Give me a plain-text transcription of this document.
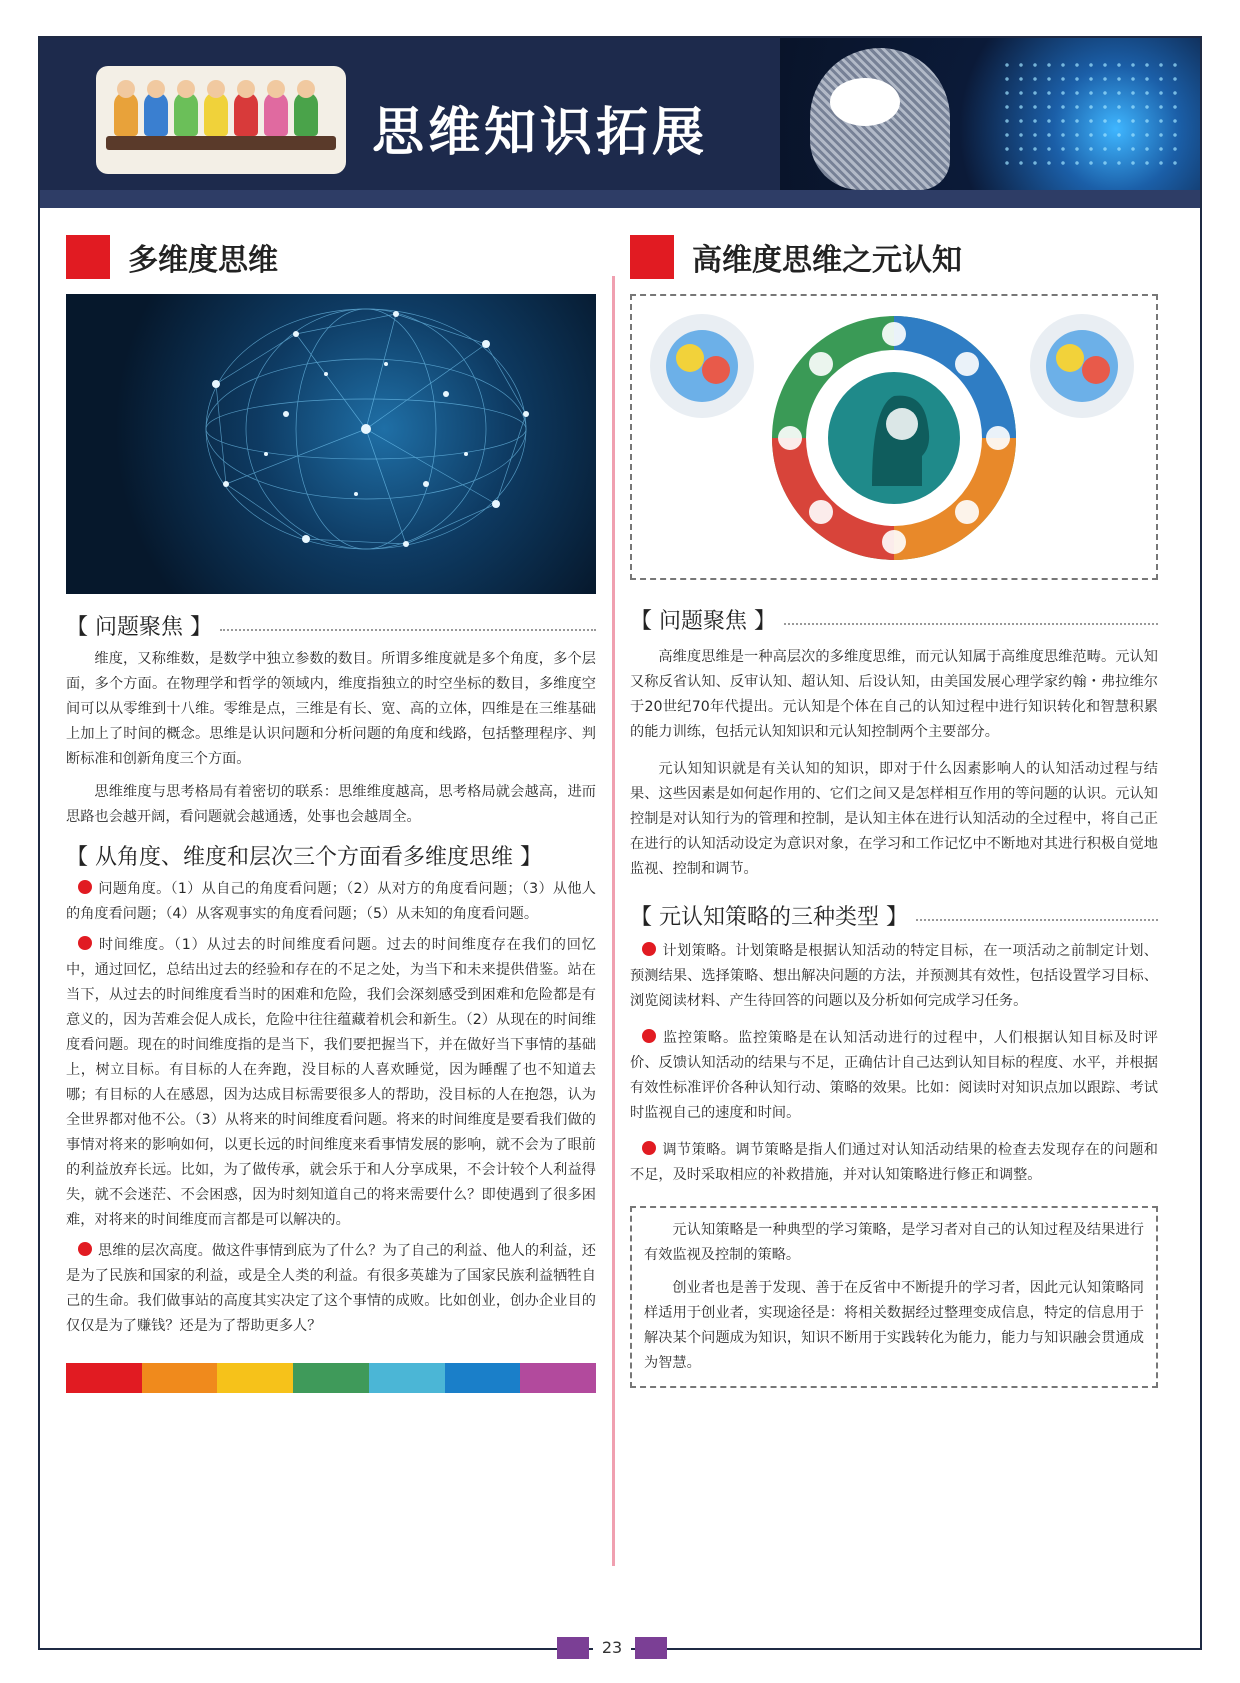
思维知识拓展
多维度思维
【 问题聚焦 】

维度，又称维数，是数学中独立参数的数目。所谓多维度就是多个角度，多个层面，多个方面。在物理学和哲学的领域内，维度指独立的时空坐标的数目，多维度空间可以从零维到十八维。零维是点，三维是有长、宽、高的立体，四维是在三维基础上加上了时间的概念。思维是认识问题和分析问题的角度和线路，包括整理程序、判断标准和创新角度三个方面。

思维维度与思考格局有着密切的联系：思维维度越高，思考格局就会越高，进而思路也会越开阔，看问题就会越通透，处事也会越周全。

【 从角度、维度和层次三个方面看多维度思维 】

问题角度。（1）从自己的角度看问题；（2）从对方的角度看问题；（3）从他人的角度看问题；（4）从客观事实的角度看问题；（5）从未知的角度看问题。

时间维度。（1）从过去的时间维度看问题。过去的时间维度存在我们的回忆中，通过回忆，总结出过去的经验和存在的不足之处，为当下和未来提供借鉴。站在当下，从过去的时间维度看当时的困难和危险，我们会深刻感受到困难和危险都是有意义的，因为苦难会促人成长，危险中往往蕴藏着机会和新生。（2）从现在的时间维度看问题。现在的时间维度指的是当下，我们要把握当下，并在做好当下事情的基础上，树立目标。有目标的人在奔跑，没目标的人喜欢睡觉，因为睡醒了也不知道去哪；有目标的人在感恩，因为达成目标需要很多人的帮助，没目标的人在抱怨，认为全世界都对他不公。（3）从将来的时间维度看问题。将来的时间维度是要看我们做的事情对将来的影响如何，以更长远的时间维度来看事情发展的影响，就不会为了眼前的利益放弃长远。比如，为了做传承，就会乐于和人分享成果，不会计较个人利益得失，就不会迷茫、不会困惑，因为时刻知道自己的将来需要什么？即使遇到了很多困难，对将来的时间维度而言都是可以解决的。

思维的层次高度。做这件事情到底为了什么？为了自己的利益、他人的利益，还是为了民族和国家的利益，或是全人类的利益。有很多英雄为了国家民族利益牺牲自己的生命。我们做事站的高度其实决定了这个事情的成败。比如创业，创办企业目的仅仅是为了赚钱？还是为了帮助更多人？

高维度思维之元认知
【 问题聚焦 】

高维度思维是一种高层次的多维度思维，而元认知属于高维度思维范畴。元认知又称反省认知、反审认知、超认知、后设认知，由美国发展心理学家约翰・弗拉维尔于20世纪70年代提出。元认知是个体在自己的认知过程中进行知识转化和智慧积累的能力训练，包括元认知知识和元认知控制两个主要部分。

元认知知识就是有关认知的知识，即对于什么因素影响人的认知活动过程与结果、这些因素是如何起作用的、它们之间又是怎样相互作用的等问题的认识。元认知控制是对认知行为的管理和控制，是认知主体在进行认知活动的全过程中，将自己正在进行的认知活动设定为意识对象，在学习和工作记忆中不断地对其进行积极自觉地监视、控制和调节。

【 元认知策略的三种类型 】

计划策略。计划策略是根据认知活动的特定目标，在一项活动之前制定计划、预测结果、选择策略、想出解决问题的方法，并预测其有效性，包括设置学习目标、浏览阅读材料、产生待回答的问题以及分析如何完成学习任务。

监控策略。监控策略是在认知活动进行的过程中，人们根据认知目标及时评价、反馈认知活动的结果与不足，正确估计自己达到认知目标的程度、水平，并根据有效性标准评价各种认知行动、策略的效果。比如：阅读时对知识点加以跟踪、考试时监视自己的速度和时间。

调节策略。调节策略是指人们通过对认知活动结果的检查去发现存在的问题和不足，及时采取相应的补救措施，并对认知策略进行修正和调整。

元认知策略是一种典型的学习策略，是学习者对自己的认知过程及结果进行有效监视及控制的策略。

创业者也是善于发现、善于在反省中不断提升的学习者，因此元认知策略同样适用于创业者，实现途径是：将相关数据经过整理变成信息，特定的信息用于解决某个问题成为知识，知识不断用于实践转化为能力，能力与知识融会贯通成为智慧。

23
